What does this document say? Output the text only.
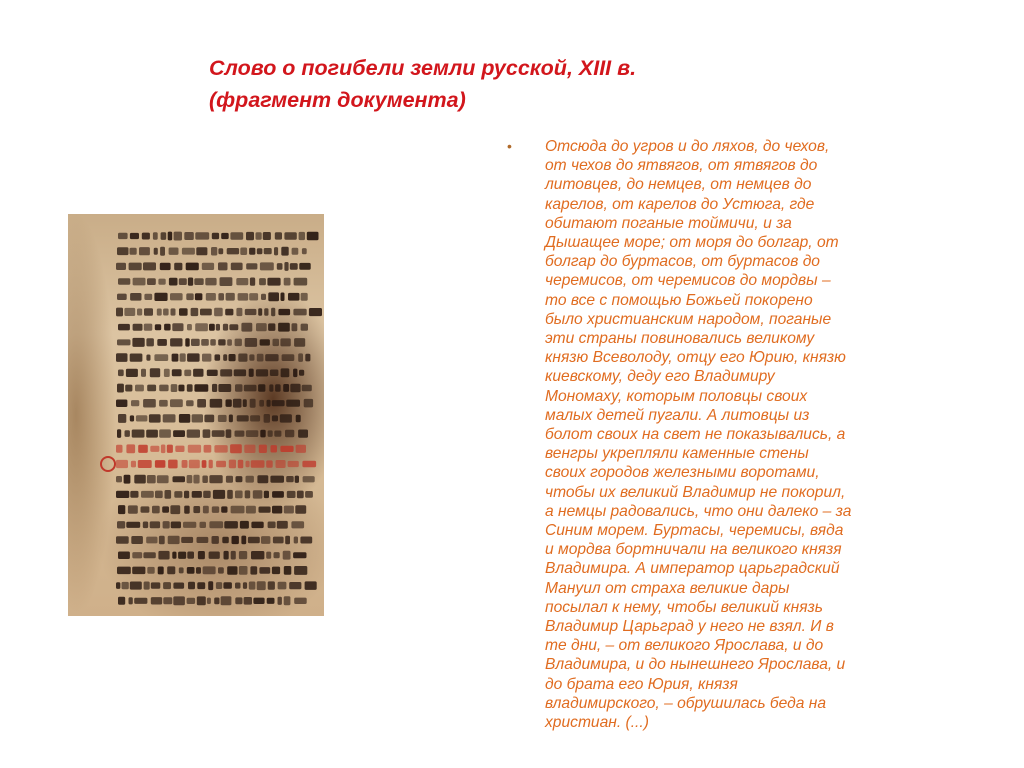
Слово о погибели земли русской, XIII в.
(фрагмент документа)
• Отсюда до угров и до ляхов, до чехов,
от чехов до ятвягов, от ятвягов до
литовцев, до немцев, от немцев до
карелов, от карелов до Устюга, где
обитают поганые тоймичи, и за
Дышащее море; от моря до болгар, от
болгар до буртасов, от буртасов до
черемисов, от черемисов до мордвы –
то все с помощью Божьей покорено
было христианским народом, поганые
эти страны повиновались великому
князю Всеволоду, отцу его Юрию, князю
киевскому, деду его Владимиру
Мономаху, которым половцы своих
малых детей пугали. А литовцы из
болот своих на свет не показывались, а
венгры укрепляли каменные стены
своих городов железными воротами,
чтобы их великий Владимир не покорил,
а немцы радовались, что они далеко – за
Синим морем. Буртасы, черемисы, вяда
и мордва бортничали на великого князя
Владимира. А император царьградский
Мануил от страха великие дары
посылал к нему, чтобы великий князь
Владимир Царьград у него не взял. И в
те дни, – от великого Ярослава, и до
Владимира, и до нынешнего Ярослава, и
до брата его Юрия, князя
владимирского, – обрушилась беда на
христиан. (...)
